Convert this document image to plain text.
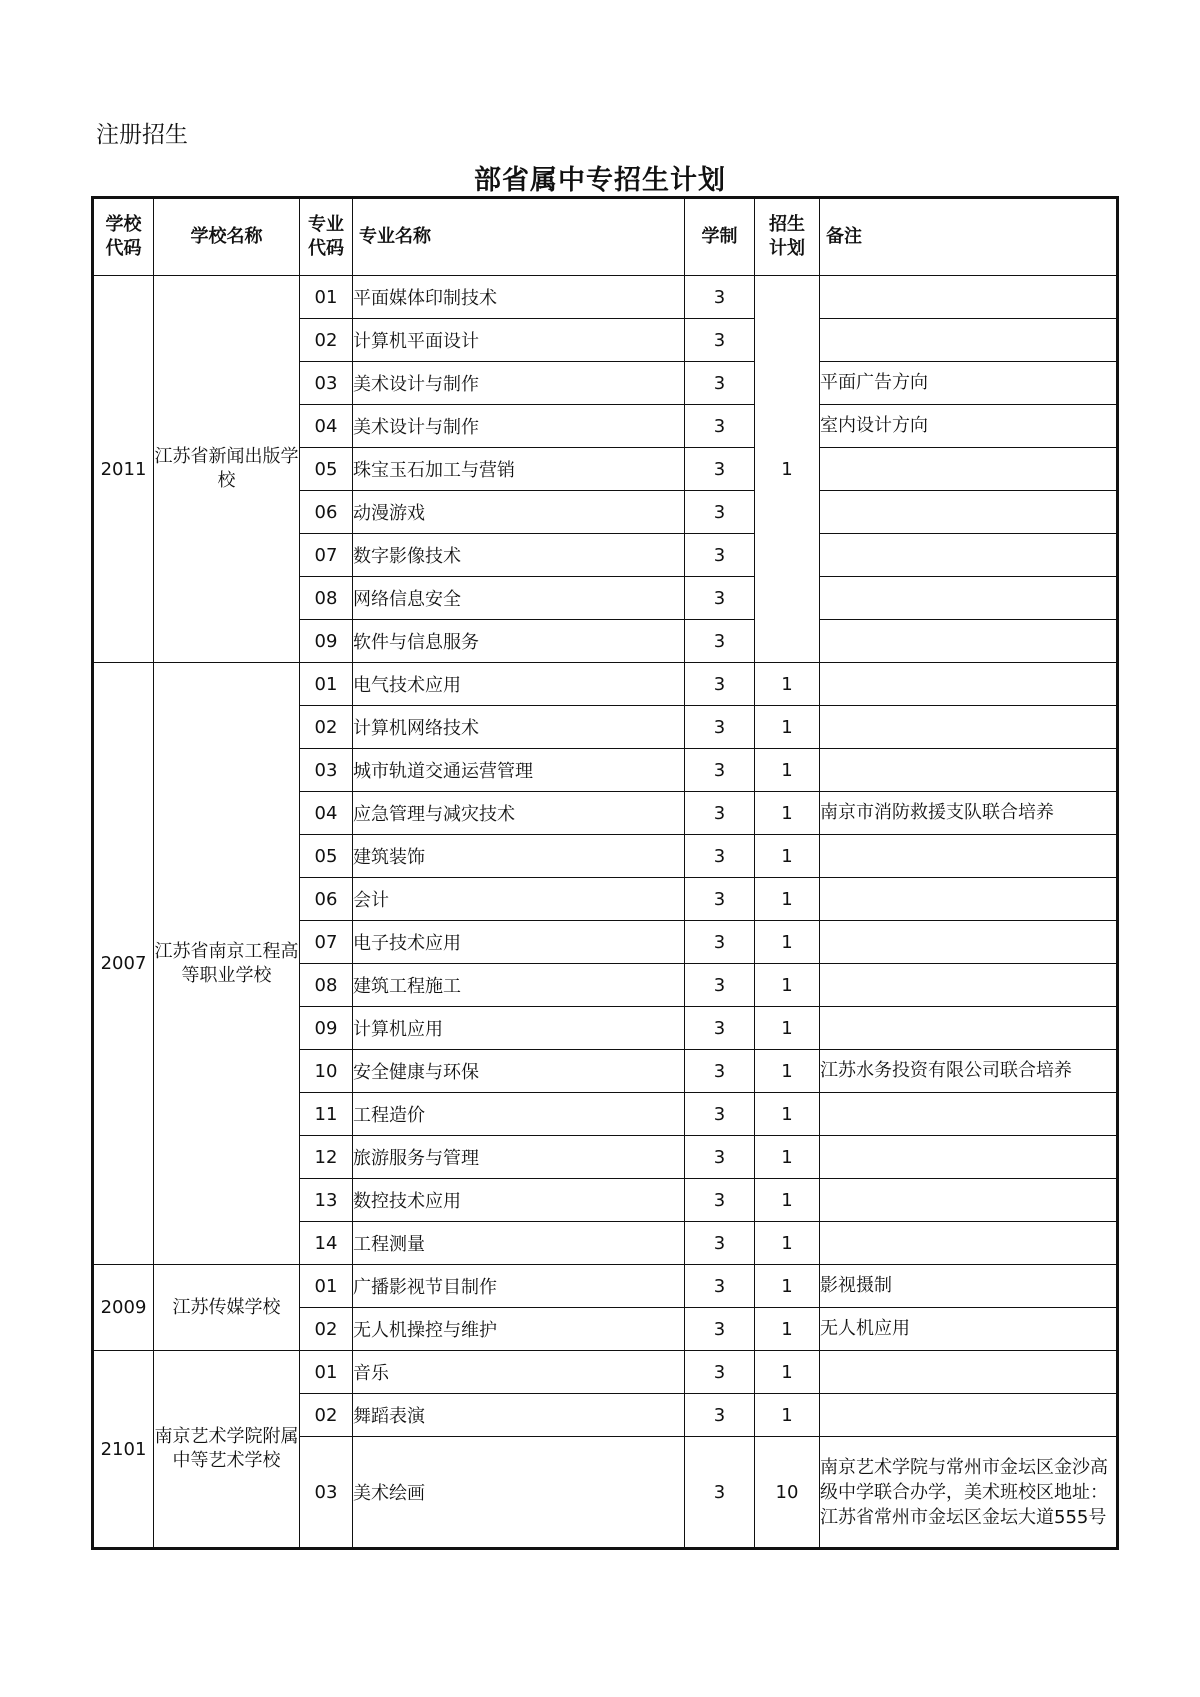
注册招生
部省属中专招生计划
学校
代码	学校名称	专业
代码	专业名称	学制	招生
计划	备注
2011	江苏省新闻出版学校	01	平面媒体印制技术	3	1	
		02	计算机平面设计	3		
		03	美术设计与制作	3		平面广告方向
		04	美术设计与制作	3		室内设计方向
		05	珠宝玉石加工与营销	3		
		06	动漫游戏	3		
		07	数字影像技术	3		
		08	网络信息安全	3		
		09	软件与信息服务	3		
2007	江苏省南京工程高等职业学校	01	电气技术应用	3	1	
		02	计算机网络技术	3	1	
		03	城市轨道交通运营管理	3	1	
		04	应急管理与减灾技术	3	1	南京市消防救援支队联合培养
		05	建筑装饰	3	1	
		06	会计	3	1	
		07	电子技术应用	3	1	
		08	建筑工程施工	3	1	
		09	计算机应用	3	1	
		10	安全健康与环保	3	1	江苏水务投资有限公司联合培养
		11	工程造价	3	1	
		12	旅游服务与管理	3	1	
		13	数控技术应用	3	1	
		14	工程测量	3	1	
2009	江苏传媒学校	01	广播影视节目制作	3	1	影视摄制
		02	无人机操控与维护	3	1	无人机应用
2101	南京艺术学院附属中等艺术学校	01	音乐	3	1	
		02	舞蹈表演	3	1	
		03	美术绘画	3	10	南京艺术学院与常州市金坛区金沙高级中学联合办学，美术班校区地址：江苏省常州市金坛区金坛大道555号
